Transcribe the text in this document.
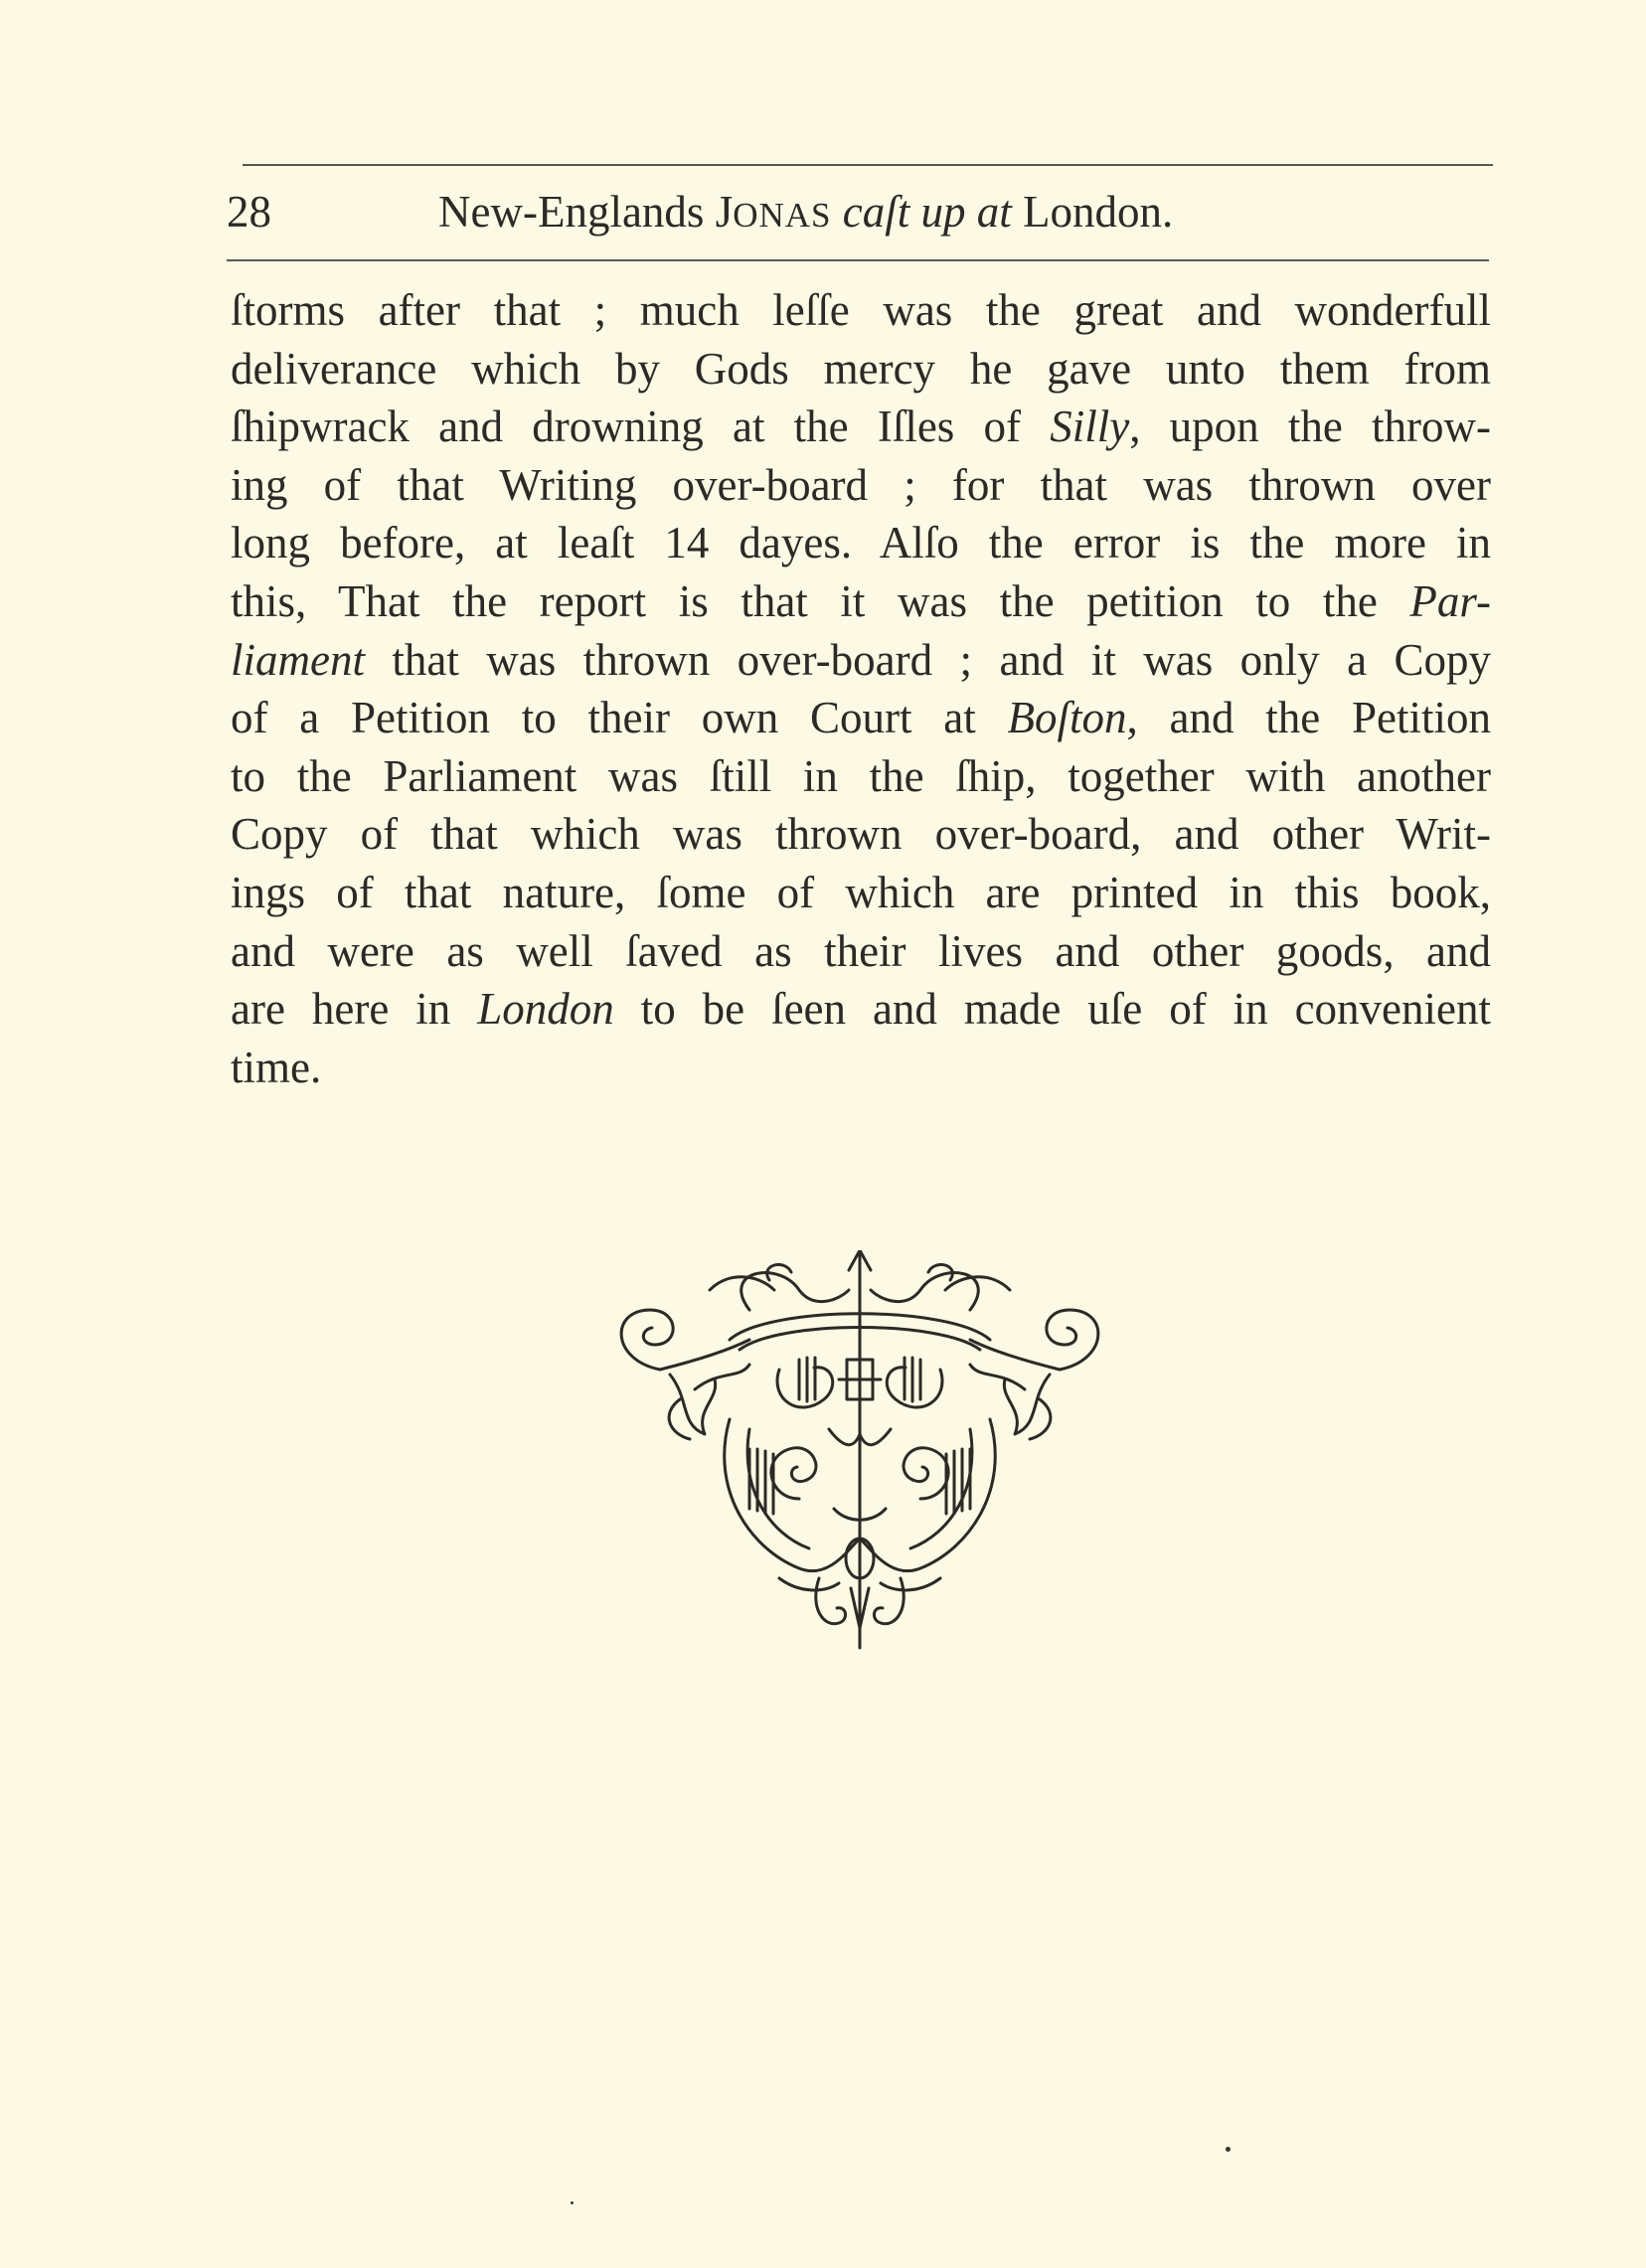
28	New-Englands JONAS caſt up at London.
ſtorms after that ; much leſſe was the great and wonderfull
deliverance which by Gods mercy he gave unto them from
ſhipwrack and drowning at the Iſles of Silly, upon the throw-
ing of that Writing over-board ; for that was thrown over
long before, at leaſt 14 dayes. Alſo the error is the more in
this, That the report is that it was the petition to the Par-
liament that was thrown over-board ; and it was only a Copy
of a Petition to their own Court at Boſton, and the Petition
to the Parliament was ſtill in the ſhip, together with another
Copy of that which was thrown over-board, and other Writ-
ings of that nature, ſome of which are printed in this book,
and were as well ſaved as their lives and other goods, and
are here in London to be ſeen and made uſe of in convenient
time.
